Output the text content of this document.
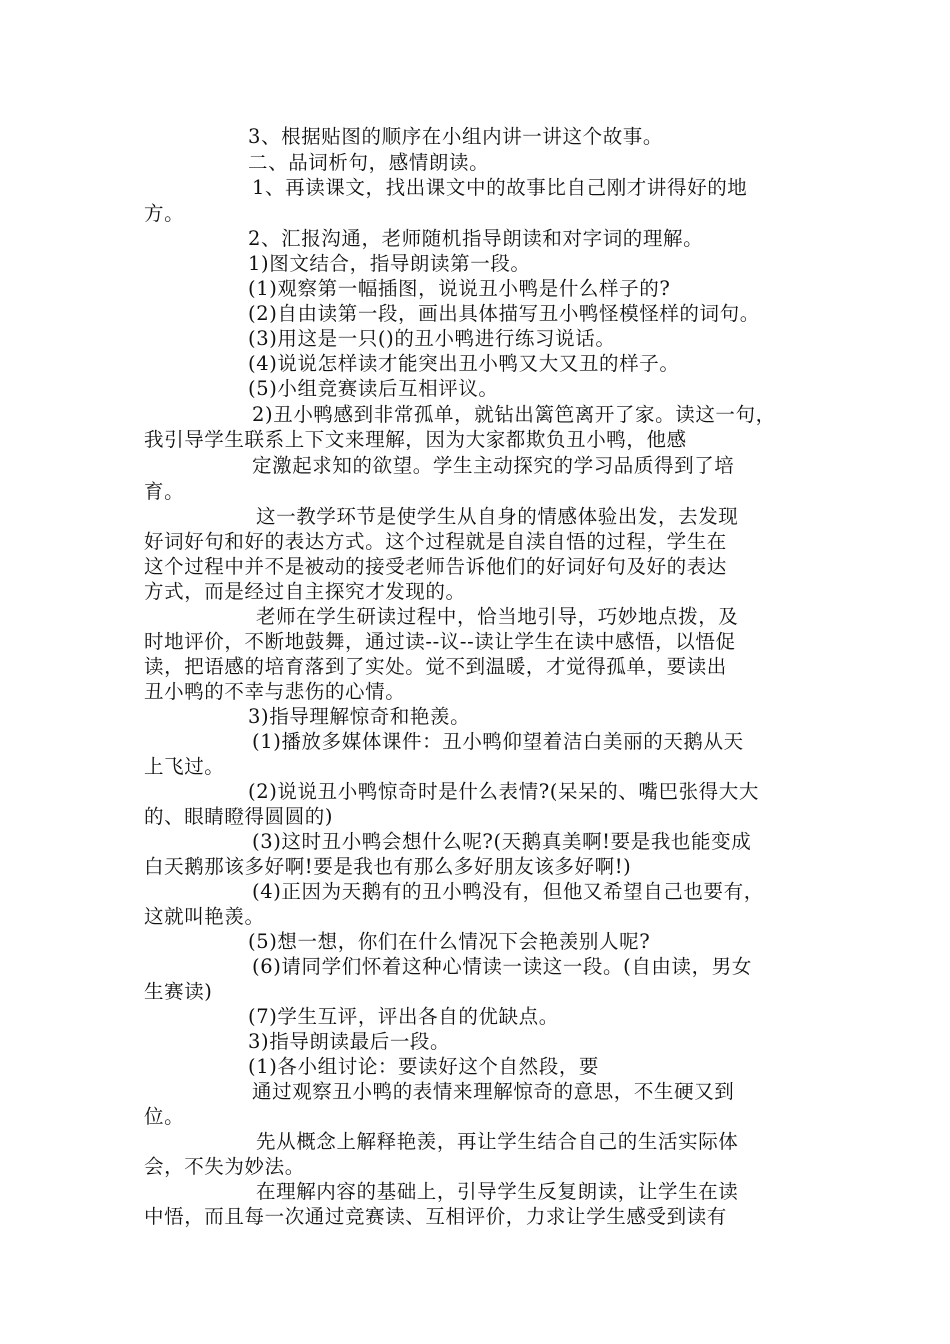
3、根据贴图的顺序在小组内讲一讲这个故事。
二、品词析句，感情朗读。
1、再读课文，找出课文中的故事比自己刚才讲得好的地
方。
2、汇报沟通，老师随机指导朗读和对字词的理解。
1)图文结合，指导朗读第一段。
(1)观察第一幅插图，说说丑小鸭是什么样子的?
(2)自由读第一段，画出具体描写丑小鸭怪模怪样的词句。
(3)用这是一只()的丑小鸭进行练习说话。
(4)说说怎样读才能突出丑小鸭又大又丑的样子。
(5)小组竞赛读后互相评议。
2)丑小鸭感到非常孤单，就钻出篱笆离开了家。读这一句，
我引导学生联系上下文来理解，因为大家都欺负丑小鸭，他感
定激起求知的欲望。学生主动探究的学习品质得到了培
育。
这一教学环节是使学生从自身的情感体验出发，去发现
好词好句和好的表达方式。这个过程就是自渎自悟的过程，学生在
这个过程中并不是被动的接受老师告诉他们的好词好句及好的表达
方式，而是经过自主探究才发现的。
老师在学生研读过程中，恰当地引导，巧妙地点拨，及
时地评价，不断地鼓舞，通过读--议--读让学生在读中感悟，以悟促
读，把语感的培育落到了实处。觉不到温暖，才觉得孤单，要读出
丑小鸭的不幸与悲伤的心情。
3)指导理解惊奇和艳羡。
(1)播放多媒体课件：丑小鸭仰望着洁白美丽的天鹅从天
上飞过。
(2)说说丑小鸭惊奇时是什么表情?(呆呆的、嘴巴张得大大
的、眼睛瞪得圆圆的)
(3)这时丑小鸭会想什么呢?(天鹅真美啊!要是我也能变成
白天鹅那该多好啊!要是我也有那么多好朋友该多好啊!)
(4)正因为天鹅有的丑小鸭没有，但他又希望自己也要有，
这就叫艳羡。
(5)想一想，你们在什么情况下会艳羡别人呢?
(6)请同学们怀着这种心情读一读这一段。(自由读，男女
生赛读)
(7)学生互评，评出各自的优缺点。
3)指导朗读最后一段。
(1)各小组讨论：要读好这个自然段，要
通过观察丑小鸭的表情来理解惊奇的意思，不生硬又到
位。
先从概念上解释艳羡，再让学生结合自己的生活实际体
会，不失为妙法。
在理解内容的基础上，引导学生反复朗读，让学生在读
中悟，而且每一次通过竞赛读、互相评价，力求让学生感受到读有
